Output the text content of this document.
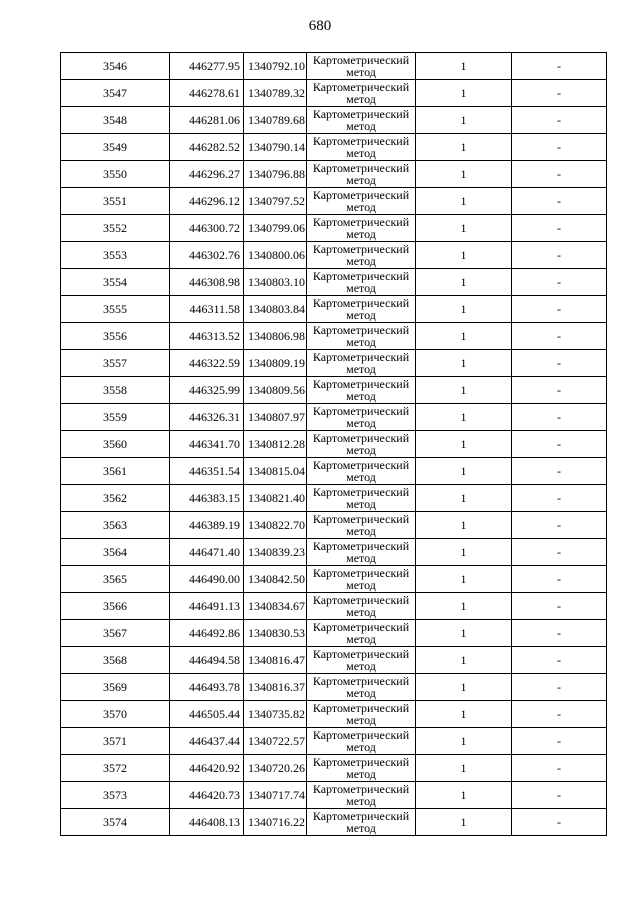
680
3546	446277.95	1340792.10	Картометрический метод	1	-
3547	446278.61	1340789.32	Картометрический метод	1	-
3548	446281.06	1340789.68	Картометрический метод	1	-
3549	446282.52	1340790.14	Картометрический метод	1	-
3550	446296.27	1340796.88	Картометрический метод	1	-
3551	446296.12	1340797.52	Картометрический метод	1	-
3552	446300.72	1340799.06	Картометрический метод	1	-
3553	446302.76	1340800.06	Картометрический метод	1	-
3554	446308.98	1340803.10	Картометрический метод	1	-
3555	446311.58	1340803.84	Картометрический метод	1	-
3556	446313.52	1340806.98	Картометрический метод	1	-
3557	446322.59	1340809.19	Картометрический метод	1	-
3558	446325.99	1340809.56	Картометрический метод	1	-
3559	446326.31	1340807.97	Картометрический метод	1	-
3560	446341.70	1340812.28	Картометрический метод	1	-
3561	446351.54	1340815.04	Картометрический метод	1	-
3562	446383.15	1340821.40	Картометрический метод	1	-
3563	446389.19	1340822.70	Картометрический метод	1	-
3564	446471.40	1340839.23	Картометрический метод	1	-
3565	446490.00	1340842.50	Картометрический метод	1	-
3566	446491.13	1340834.67	Картометрический метод	1	-
3567	446492.86	1340830.53	Картометрический метод	1	-
3568	446494.58	1340816.47	Картометрический метод	1	-
3569	446493.78	1340816.37	Картометрический метод	1	-
3570	446505.44	1340735.82	Картометрический метод	1	-
3571	446437.44	1340722.57	Картометрический метод	1	-
3572	446420.92	1340720.26	Картометрический метод	1	-
3573	446420.73	1340717.74	Картометрический метод	1	-
3574	446408.13	1340716.22	Картометрический метод	1	-
